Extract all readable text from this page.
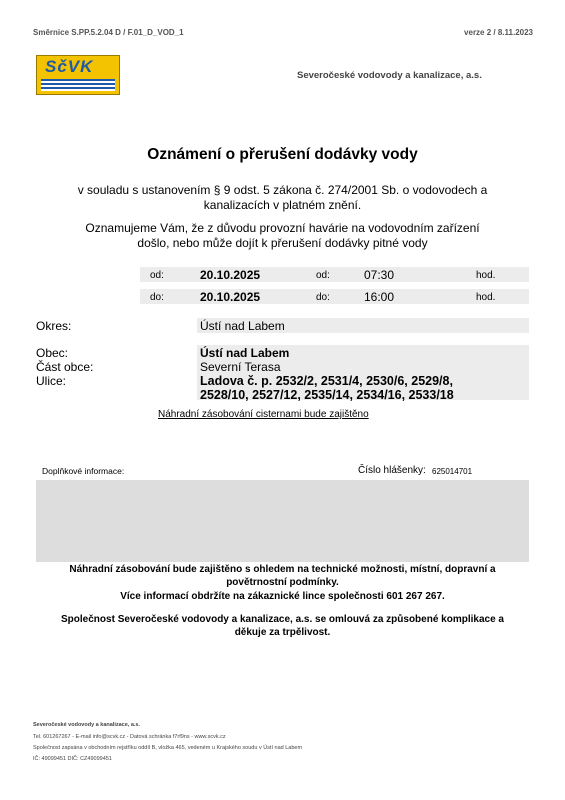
Směrnice S.PP.5.2.04 D / F.01_D_VOD_1	verze 2 / 8.11.2023
SčVK	Severočeské vodovody a kanalizace, a.s.
Oznámení o přerušení dodávky vody
v souladu s ustanovením § 9 odst. 5 zákona č. 274/2001 Sb. o vodovodech a
kanalizacích v platném znění.
Oznamujeme Vám, že z důvodu provozní havárie na vodovodním zařízení
došlo, nebo může dojít k přerušení dodávky pitné vody
od:	20.10.2025	od:	07:30	hod.
do:	20.10.2025	do:	16:00	hod.
Okres:	Ústí nad Labem
Obec:	Ústí nad Labem
Část obce:	Severní Terasa
Ulice:	Ladova č. p. 2532/2, 2531/4, 2530/6, 2529/8,
2528/10, 2527/12, 2535/14, 2534/16, 2533/18
Náhradní zásobování cisternami bude zajištěno
Doplňkové informace:	Číslo hlášenky: 625014701
Náhradní zásobování bude zajištěno s ohledem na technické možnosti, místní, dopravní a
povětrnostní podmínky.
Více informací obdržíte na zákaznické lince společnosti 601 267 267.
Společnost Severočeské vodovody a kanalizace, a.s. se omlouvá za způsobené komplikace a
děkuje za trpělivost.
Severočeské vodovody a kanalizace, a.s.
Tel. 601267267 - E-mail info@scvk.cz - Datová schránka f7rf9ns - www.scvk.cz
Společnost zapsána v obchodním rejstříku oddíl B, vložka 465, vedeném u Krajského soudu v Ústí nad Labem
IČ: 49099451 DIČ: CZ49099451
